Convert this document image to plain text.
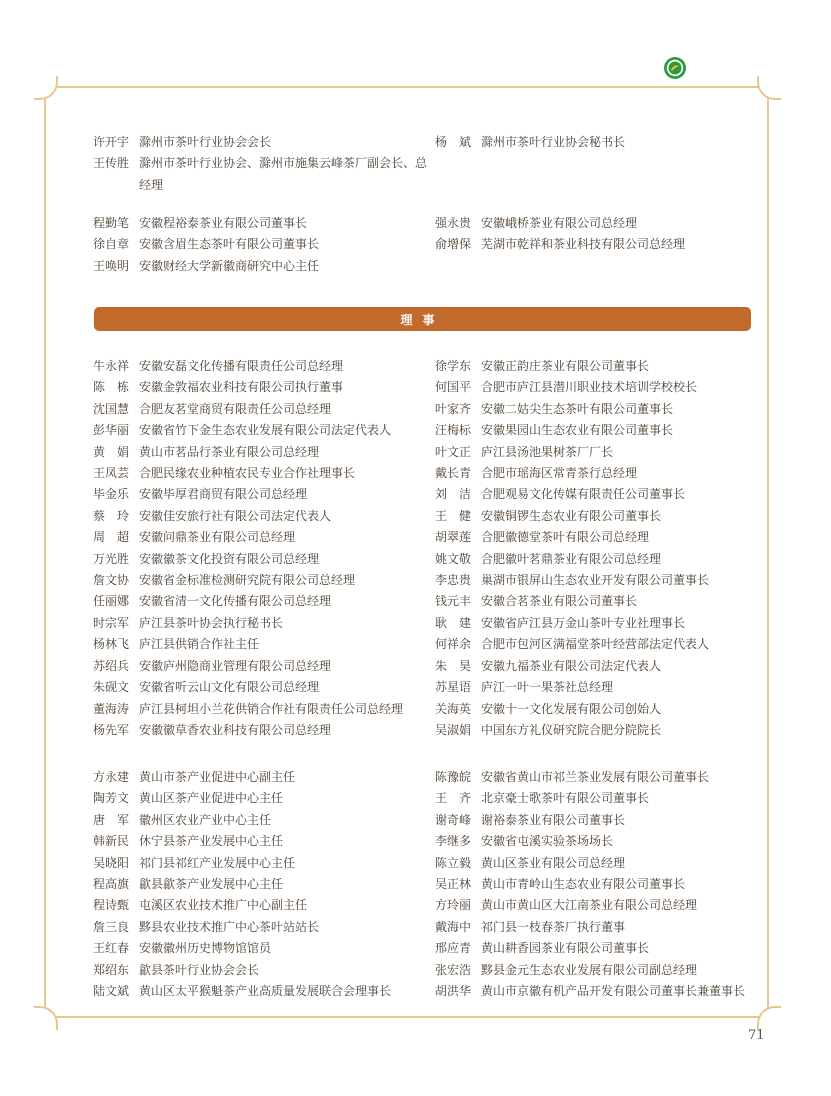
许开宇 滁州市茶叶行业协会会长
王传胜 滁州市茶叶行业协会、滁州市施集云峰茶厂副会长、总经理
杨　斌 滁州市茶叶行业协会秘书长
程勤笔 安徽程裕泰茶业有限公司董事长
徐自章 安徽含眉生态茶叶有限公司董事长
王唤明 安徽财经大学新徽商研究中心主任
强永贵 安徽峨桥茶业有限公司总经理
俞增保 芜湖市乾祥和茶业科技有限公司总经理
理事
牛永祥 安徽安磊文化传播有限责任公司总经理
陈　栋 安徽金敦福农业科技有限公司执行董事
沈国慧 合肥友茗堂商贸有限责任公司总经理
彭华丽 安徽省竹下金生态农业发展有限公司法定代表人
黄　娟 黄山市茗品行茶业有限公司总经理
王凤芸 合肥民缘农业种植农民专业合作社理事长
毕金乐 安徽毕厚君商贸有限公司总经理
蔡　玲 安徽佳安旅行社有限公司法定代表人
周　超 安徽问鼎茶业有限公司总经理
万光胜 安徽徽茶文化投资有限公司总经理
詹文协 安徽省金标准检测研究院有限公司总经理
任丽娜 安徽省清一文化传播有限公司总经理
时宗军 庐江县茶叶协会执行秘书长
杨林飞 庐江县供销合作社主任
苏绍兵 安徽庐州隐商业管理有限公司总经理
朱砚文 安徽省听云山文化有限公司总经理
董海涛 庐江县柯坦小兰花供销合作社有限责任公司总经理
杨先军 安徽徽草香农业科技有限公司总经理
徐学东 安徽正韵庄茶业有限公司董事长
何国平 合肥市庐江县潜川职业技术培训学校校长
叶家齐 安徽二姑尖生态茶叶有限公司董事长
汪梅标 安徽果园山生态农业有限公司董事长
叶文正 庐江县汤池果树茶厂厂长
戴长青 合肥市瑶海区常青茶行总经理
刘　洁 合肥观易文化传媒有限责任公司董事长
王　健 安徽铜锣生态农业有限公司董事长
胡翠莲 合肥徽德堂茶叶有限公司总经理
姚文敬 合肥徽叶茗鼎茶业有限公司总经理
李忠贵 巢湖市银屏山生态农业开发有限公司董事长
钱元丰 安徽合茗茶业有限公司董事长
耿　建 安徽省庐江县万金山茶叶专业社理事长
何祥余 合肥市包河区满福堂茶叶经营部法定代表人
朱　昊 安徽九福茶业有限公司法定代表人
苏星语 庐江一叶一果茶社总经理
关海英 安徽十一文化发展有限公司创始人
吴淑娟 中国东方礼仪研究院合肥分院院长
方永建 黄山市茶产业促进中心副主任
陶芳文 黄山区茶产业促进中心主任
唐　军 徽州区农业产业中心主任
韩新民 休宁县茶产业发展中心主任
吴晓阳 祁门县祁红产业发展中心主任
程高旗 歙县歙茶产业发展中心主任
程诗甄 屯溪区农业技术推广中心副主任
詹三良 黟县农业技术推广中心茶叶站站长
王红春 安徽徽州历史博物馆馆员
郑绍东 歙县茶叶行业协会会长
陆文斌 黄山区太平猴魁茶产业高质量发展联合会理事长
陈豫皖 安徽省黄山市祁兰茶业发展有限公司董事长
王　齐 北京豪士歌茶叶有限公司董事长
谢奇峰 谢裕泰茶业有限公司董事长
李继多 安徽省屯溪实验茶场场长
陈立毅 黄山区茶业有限公司总经理
吴正林 黄山市青岭山生态农业有限公司董事长
方玲丽 黄山市黄山区大江南茶业有限公司总经理
戴海中 祁门县一枝春茶厂执行董事
邢应青 黄山耕香园茶业有限公司董事长
张宏浩 黟县金元生态农业发展有限公司副总经理
胡洪华 黄山市京徽有机产品开发有限公司董事长兼董事长
71
